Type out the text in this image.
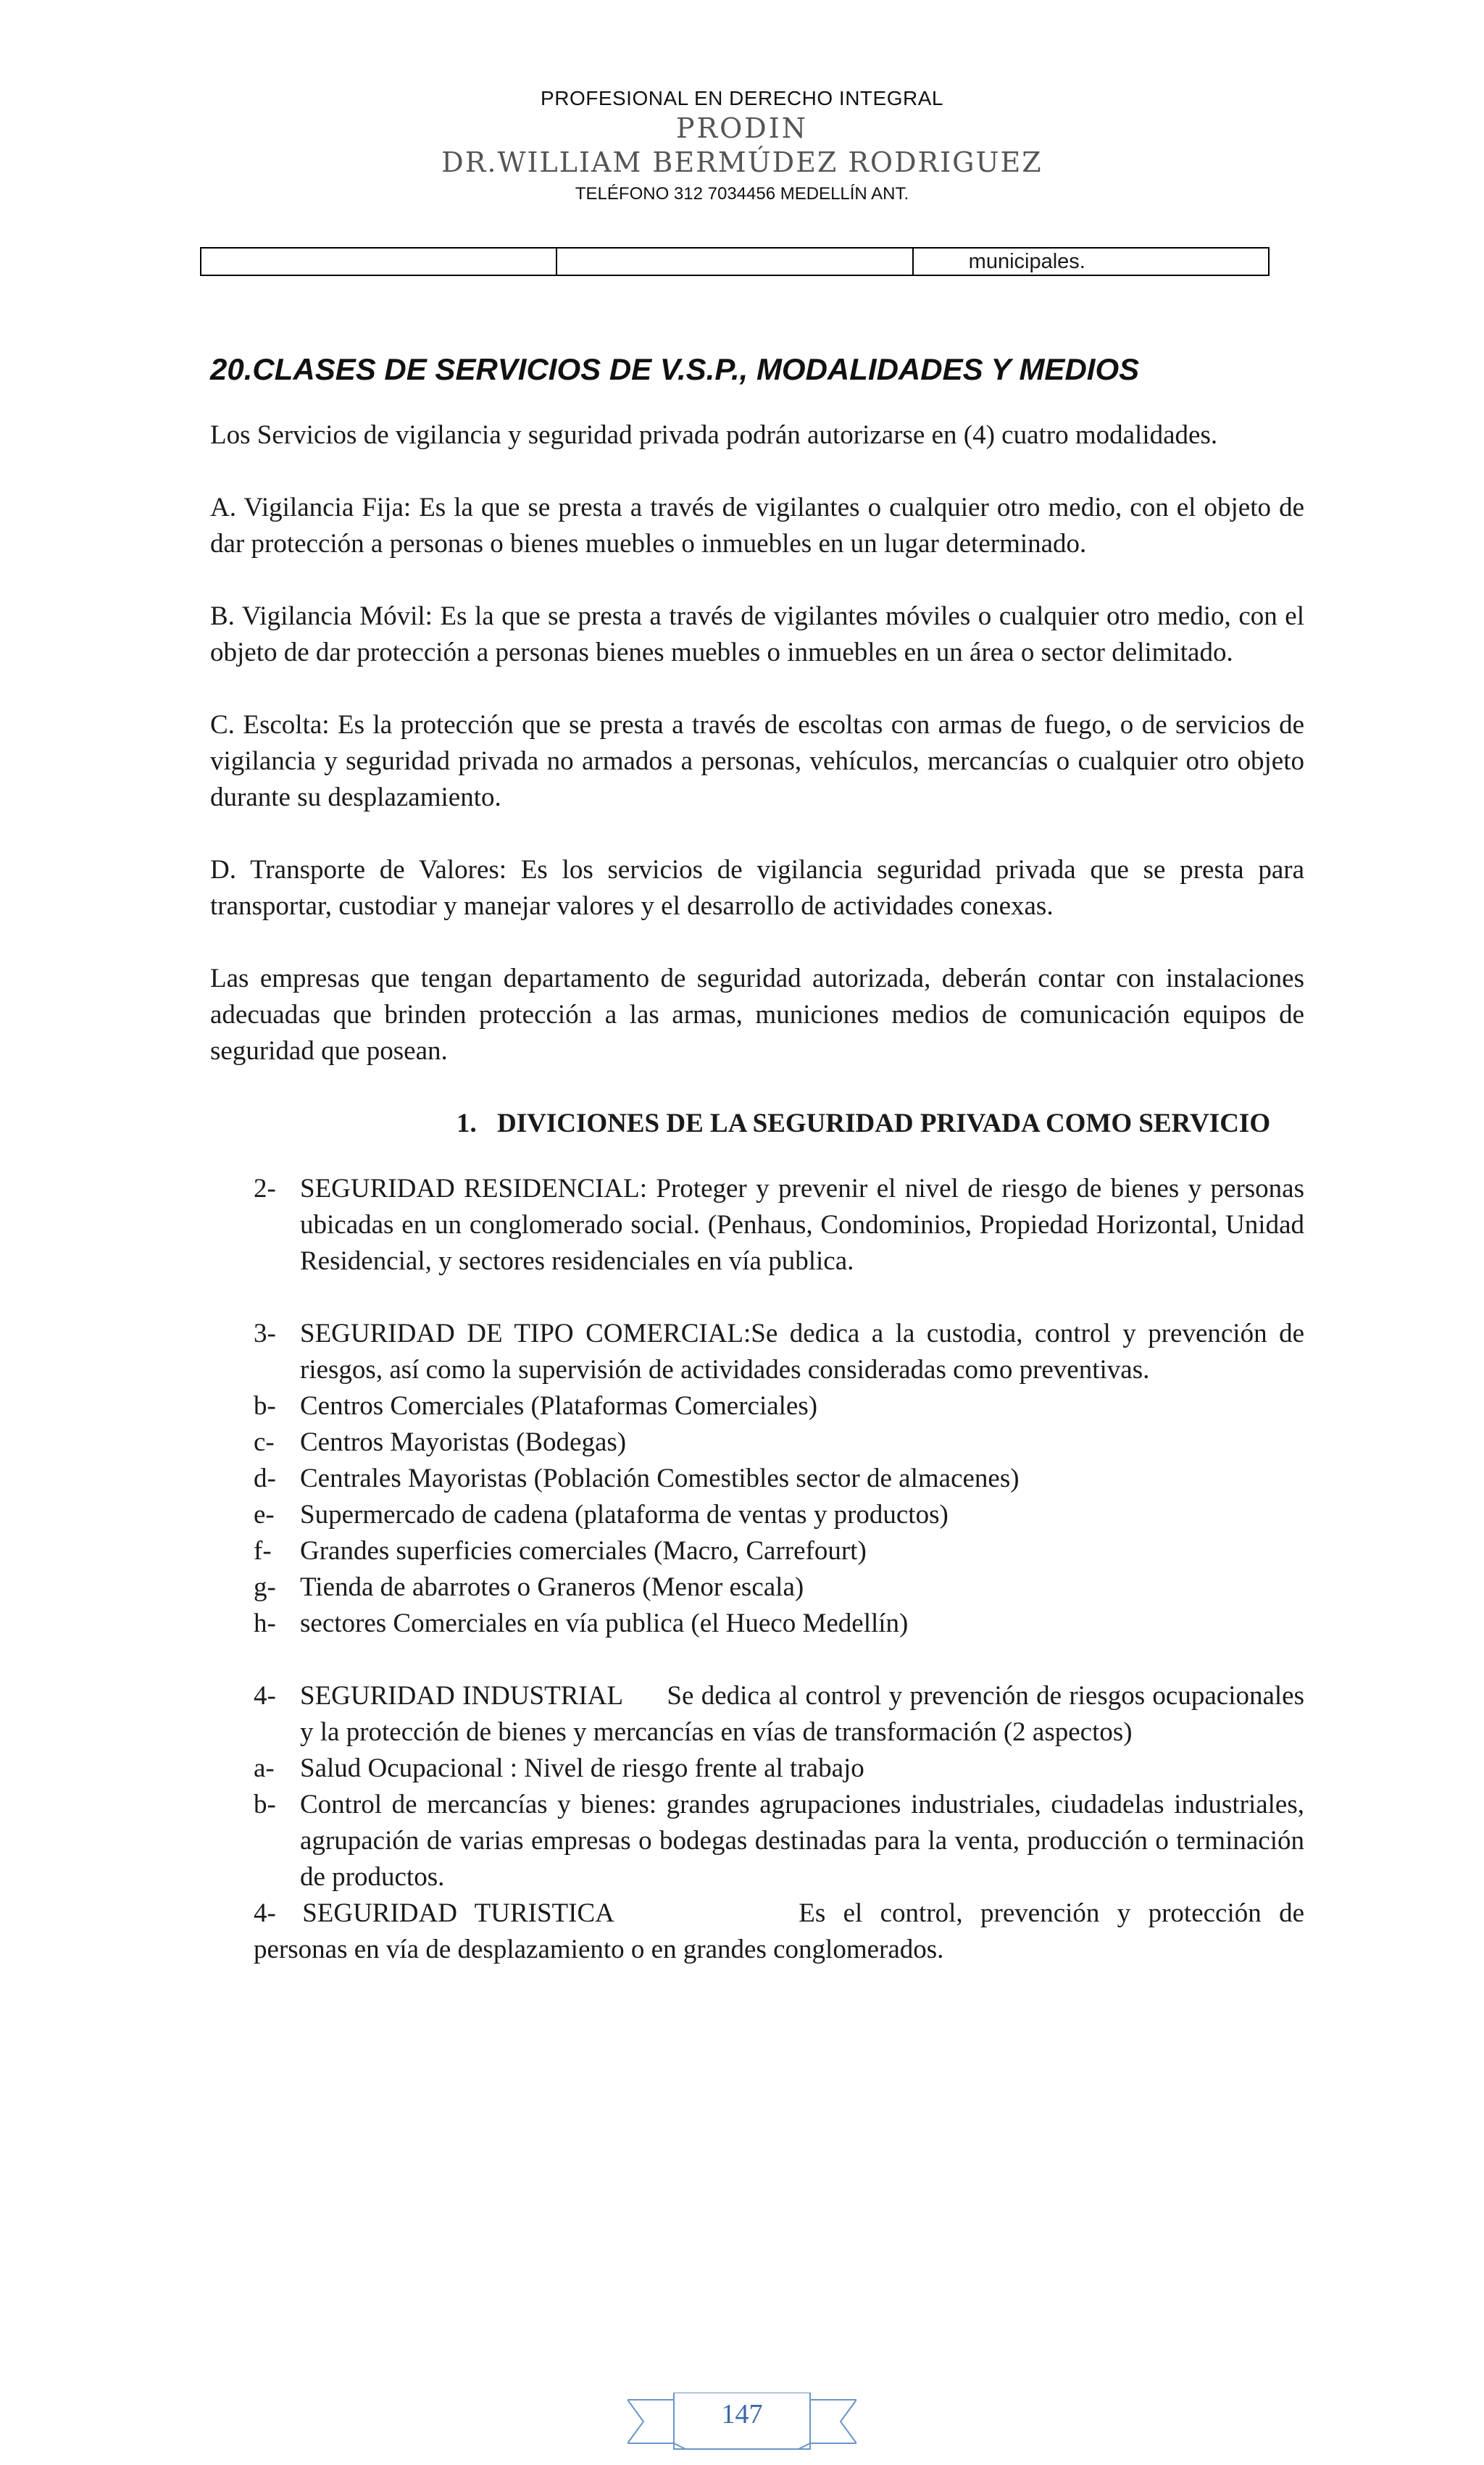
PROFESIONAL EN DERECHO INTEGRAL
PRODIN
DR.WILLIAM BERMÚDEZ RODRIGUEZ
TELÉFONO 312 7034456 MEDELLÍN ANT.
municipales.
20.CLASES DE SERVICIOS DE V.S.P., MODALIDADES Y MEDIOS

Los Servicios de vigilancia y seguridad privada podrán autorizarse en (4) cuatro modalidades.

A. Vigilancia Fija: Es la que se presta a través de vigilantes o cualquier otro medio, con el objeto de dar protección a personas o bienes muebles o inmuebles en un lugar determinado.

B. Vigilancia Móvil: Es la que se presta a través de vigilantes móviles o cualquier otro medio, con el objeto de dar protección a personas bienes muebles o inmuebles en un área o sector delimitado.

C. Escolta: Es la protección que se presta a través de escoltas con armas de fuego, o de servicios de vigilancia y seguridad privada no armados a personas, vehículos, mercancías o cualquier otro objeto durante su desplazamiento.

D. Transporte de Valores: Es los servicios de vigilancia seguridad privada que se presta para transportar, custodiar y manejar valores y el desarrollo de actividades conexas.

Las empresas que tengan departamento de seguridad autorizada, deberán contar con instalaciones adecuadas que brinden protección a las armas, municiones medios de comunicación equipos de seguridad que posean.

1. DIVICIONES DE LA SEGURIDAD PRIVADA COMO SERVICIO
2- SEGURIDAD RESIDENCIAL: Proteger y prevenir el nivel de riesgo de bienes y personas ubicadas en un conglomerado social. (Penhaus, Condominios, Propiedad Horizontal, Unidad Residencial, y sectores residenciales en vía publica.
3- SEGURIDAD DE TIPO COMERCIAL:Se dedica a la custodia, control y prevención de riesgos, así como la supervisión de actividades consideradas como preventivas.
b- Centros Comerciales (Plataformas Comerciales)
c- Centros Mayoristas (Bodegas)
d- Centrales Mayoristas (Población Comestibles sector de almacenes)
e- Supermercado de cadena (plataforma de ventas y productos)
f-	Grandes superficies comerciales (Macro, Carrefourt)
g- Tienda de abarrotes o Graneros (Menor escala)
h- sectores Comerciales en vía publica (el Hueco Medellín)
4- SEGURIDAD INDUSTRIAL      Se dedica al control y prevención de riesgos ocupacionales y la protección de bienes y mercancías en vías de transformación (2 aspectos)
a- Salud Ocupacional : Nivel de riesgo frente al trabajo
b- Control de mercancías y bienes: grandes agrupaciones industriales, ciudadelas industriales, agrupación de varias empresas o bodegas destinadas para la venta, producción o terminación de productos.
4- SEGURIDAD TURISTICA	Es el control, prevención y protección de personas en vía de desplazamiento o en grandes conglomerados.
147
